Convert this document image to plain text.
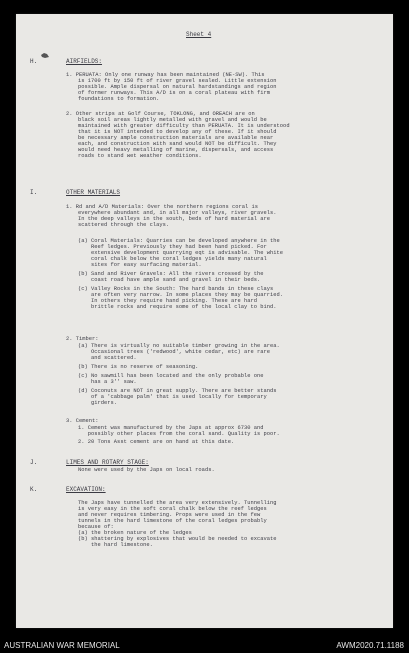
Sheet 4
H.	AIRFIELDS:
1. PERUATA: Only one runway has been maintained (NE-SW). This
is 1700 ft by 150 ft of river gravel sealed. Little extension
possible. Ample dispersal on natural hardstandings and region
of former runways. This A/D is on a coral plateau with firm
foundations to formation.
2. Other strips at Golf Course, TOKLONG, and OREACH are on
black soil areas lightly metalled with gravel and would be
maintained with greater difficulty than PERUATA. It is understood
that it is NOT intended to develop any of these. If it should
be necessary ample construction materials are available near
each, and construction with sand would NOT be difficult. They
would need heavy metalling of marine, dispersals, and access
roads to stand wet weather conditions.
I.	OTHER MATERIALS
1. Rd and A/D Materials: Over the northern regions coral is
everywhere abundant and, in all major valleys, river gravels.
In the deep valleys in the south, beds of hard material are
scattered through the clays.
(a) Coral Materials: Quarries can be developed anywhere in the
Reef ledges. Previously they had been hand picked. For
extensive development quarrying eqt is advisable. The white
coral chalk below the coral ledges yields many natural
sites for easy surfacing material.
(b) Sand and River Gravels: All the rivers crossed by the
coast road have ample sand and gravel in their beds.
(c) Valley Rocks in the South: The hard bands in these clays
are often very narrow. In some places they may be quarried.
In others they require hand picking. These are hard
brittle rocks and require some of the local clay to bind.
2. Timber:
(a) There is virtually no suitable timber growing in the area.
Occasional trees ('redwood', white cedar, etc) are rare
and scattered.
(b) There is no reserve of seasoning.
(c) No sawmill has been located and the only probable one
has a 3'' saw.
(d) Coconuts are NOT in great supply. There are better stands
of a 'cabbage palm' that is used locally for temporary
girders.
3. Cement:
1. Cement was manufactured by the Japs at approx 6730 and
possibly other places from the coral sand. Quality is poor.
2. 20 Tons Asst cement are on hand at this date.
J.	LIMES AND ROTARY STAGE:
None were used by the Japs on local roads.
K.	EXCAVATION:
The Japs have tunnelled the area very extensively. Tunnelling
is very easy in the soft coral chalk below the reef ledges
and never requires timbering. Props were used in the few
tunnels in the hard limestone of the coral ledges probably
because of:
(a) the broken nature of the ledges
(b) shattering by explosives that would be needed to excavate
the hard limestone.
AUSTRALIAN WAR MEMORIAL	AWM2020.71.1188
